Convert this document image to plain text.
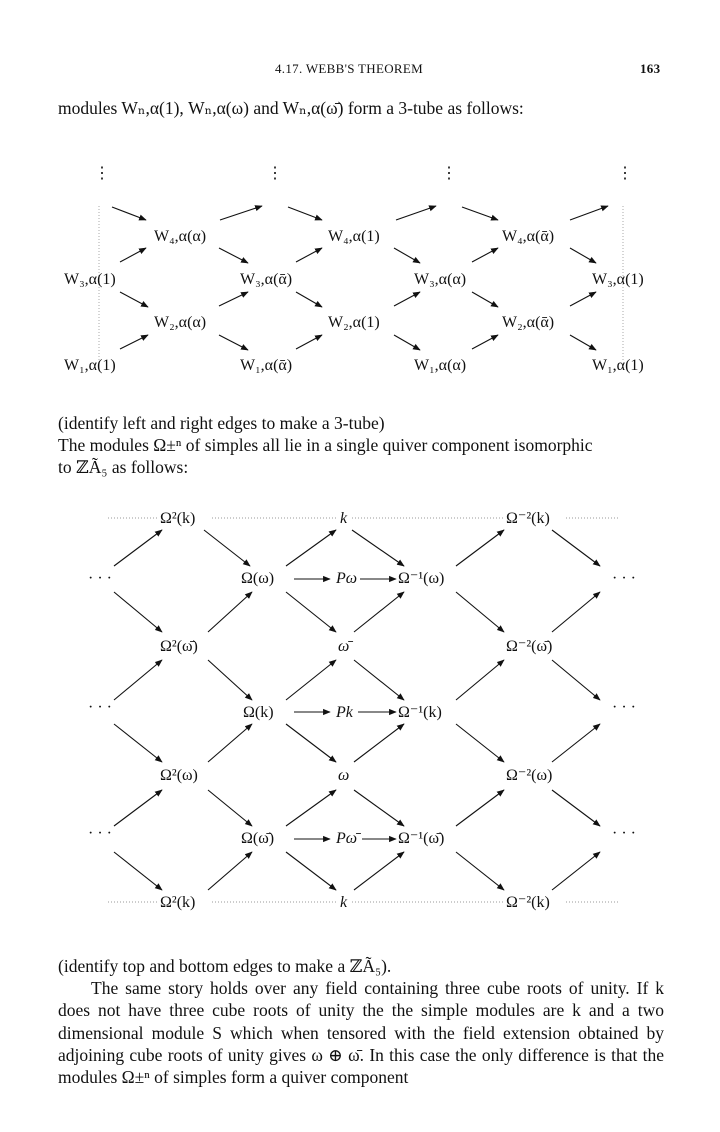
4.17. WEBB'S THEOREM	163
modules Wₙ,α(1), Wₙ,α(ω) and Wₙ,α(ω̄) form a 3-tube as follows:
⋮	⋮	⋮	⋮
W₄,α(α)	W₄,α(1)	W₄,α(ᾱ)
W₃,α(1)	W₃,α(ᾱ)	W₃,α(α)	W₃,α(1)
W₂,α(α)	W₂,α(1)	W₂,α(ᾱ)
W₁,α(1)	W₁,α(ᾱ)	W₁,α(α)	W₁,α(1)
(identify left and right edges to make a 3-tube)
The modules Ω±ⁿ of simples all lie in a single quiver component isomorphic
to ℤÃ₅ as follows:
· · ·	· · ·
· · ·	· · ·
· · ·	· · ·
Ω²(k)	k	Ω⁻²(k)
Ω(ω)	Pω	Ω⁻¹(ω)
Ω²(ω̄)	ω̄	Ω⁻²(ω̄)
Ω(k)	Pk	Ω⁻¹(k)
Ω²(ω)	ω	Ω⁻²(ω)
Ω(ω̄)	Pω̄	Ω⁻¹(ω̄)
Ω²(k)	k	Ω⁻²(k)
(identify top and bottom edges to make a ℤÃ₅).

The same story holds over any field containing three cube roots of unity. If k does not have three cube roots of unity the the simple modules are k and a two dimensional module S which when tensored with the field extension obtained by adjoining cube roots of unity gives ω ⊕ ω̄. In this case the only difference is that the modules Ω±ⁿ of simples form a quiver component
